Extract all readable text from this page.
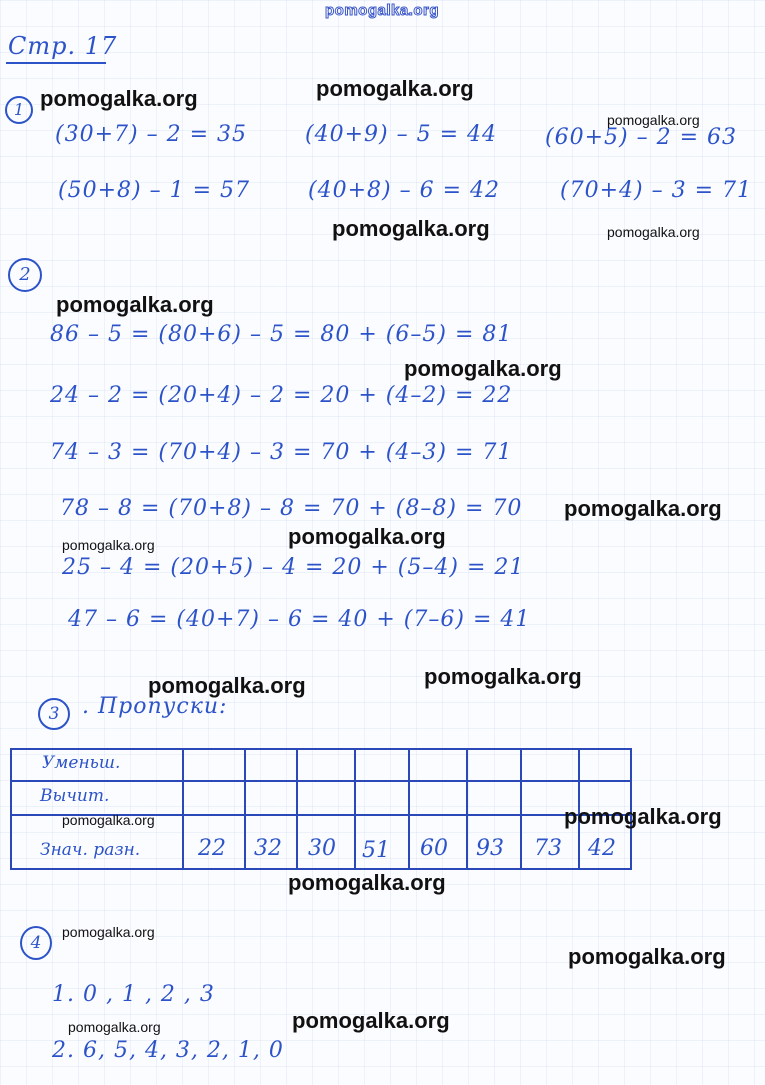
pomogalka.org
Стр. 17
1
(30+7) – 2 = 35	(40+9) – 5 = 44 (60+5) – 2 = 63
(50+8) – 1 = 57	(40+8) – 6 = 42	(70+4) – 3 = 71
2
86 – 5 = (80+6) – 5 = 80 + (6–5) = 81
24 – 2 = (20+4) – 2 = 20 + (4–2) = 22
74 – 3 = (70+4) – 3 = 70 + (4–3) = 71
78 – 8 = (70+8) – 8 = 70 + (8–8) = 70
25 – 4 = (20+5) – 4 = 20 + (5–4) = 21
47 – 6 = (40+7) – 6 = 40 + (7–6) = 41
3	. Пропуски:
Уменьш.
Вычит.
Знач. разн.	22 32 30 51 60 93 73 42
4
1. 0 , 1 , 2 , 3
2. 6, 5, 4, 3, 2, 1, 0
pomogalka.org	pomogalka.org
pomogalka.org
pomogalka.org	pomogalka.org
pomogalka.org
pomogalka.org
pomogalka.org
pomogalka.org
pomogalka.org
pomogalka.org	pomogalka.org
pomogalka.org
pomogalka.org
pomogalka.org
pomogalka.org
pomogalka.org
pomogalka.org	pomogalka.org
